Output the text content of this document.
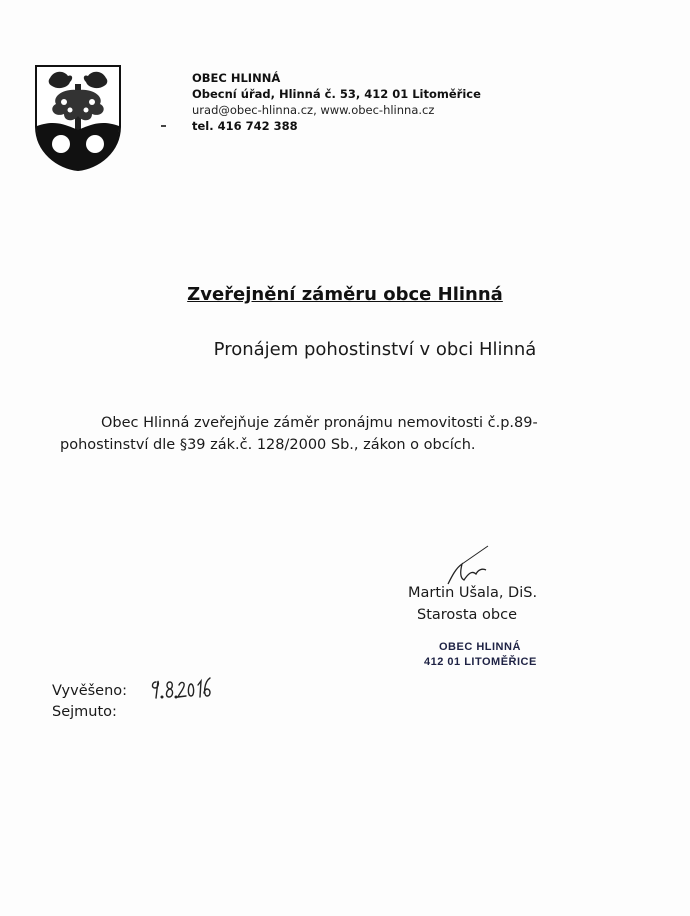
OBEC HLINNÁ
Obecní úřad, Hlinná č. 53, 412 01 Litoměřice
urad@obec-hlinna.cz, www.obec-hlinna.cz
tel. 416 742 388
Zveřejnění záměru obce Hlinná
Pronájem pohostinství v obci Hlinná
Obec Hlinná zveřejňuje záměr pronájmu nemovitosti č.p.89-
pohostinství dle §39 zák.č. 128/2000 Sb., zákon o obcích.
Martin Ušala, DiS.
Starosta obce
OBEC HLINNÁ
412 01 LITOMĚŘICE
Vyvěšeno:
Sejmuto:
